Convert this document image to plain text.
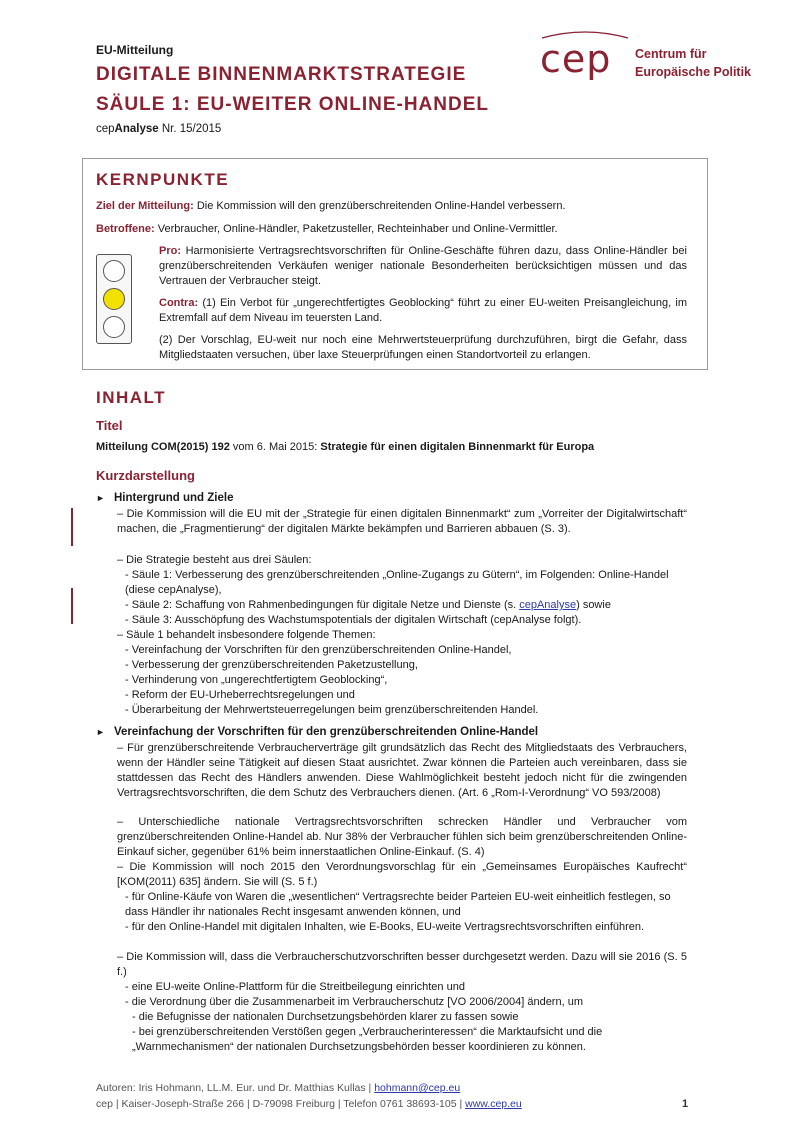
EU-Mitteilung
DIGITALE BINNENMARKTSTRATEGIE
SÄULE 1: EU-WEITER ONLINE-HANDEL
cepAnalyse Nr. 15/2015
cep Centrum für
Europäische Politik
KERNPUNKTE
Ziel der Mitteilung: Die Kommission will den grenzüberschreitenden Online-Handel verbessern.
Betroffene: Verbraucher, Online-Händler, Paketzusteller, Rechteinhaber und Online-Vermittler.
Pro: Harmonisierte Vertragsrechtsvorschriften für Online-Geschäfte führen dazu, dass Online-Händler bei grenzüberschreitenden Verkäufen weniger nationale Besonderheiten berücksichtigen müssen und das Vertrauen der Verbraucher steigt.
Contra: (1) Ein Verbot für „ungerechtfertigtes Geoblocking“ führt zu einer EU-weiten Preisangleichung, im Extremfall auf dem Niveau im teuersten Land.
(2) Der Vorschlag, EU-weit nur noch eine Mehrwertsteuerprüfung durchzuführen, birgt die Gefahr, dass Mitgliedstaaten versuchen, über laxe Steuerprüfungen einen Standortvorteil zu erlangen.
INHALT
Titel
Mitteilung COM(2015) 192 vom 6. Mai 2015: Strategie für einen digitalen Binnenmarkt für Europa
Kurzdarstellung
► Hintergrund und Ziele
– Die Kommission will die EU mit der „Strategie für einen digitalen Binnenmarkt“ zum „Vorreiter der Digitalwirtschaft“ machen, die „Fragmentierung“ der digitalen Märkte bekämpfen und Barrieren abbauen (S. 3).
– Die Strategie besteht aus drei Säulen:
- Säule 1: Verbesserung des grenzüberschreitenden „Online-Zugangs zu Gütern“, im Folgenden: Online-Handel (diese cepAnalyse),
- Säule 2: Schaffung von Rahmenbedingungen für digitale Netze und Dienste (s. cepAnalyse) sowie
- Säule 3: Ausschöpfung des Wachstumspotentials der digitalen Wirtschaft (cepAnalyse folgt).
– Säule 1 behandelt insbesondere folgende Themen:
- Vereinfachung der Vorschriften für den grenzüberschreitenden Online-Handel,
- Verbesserung der grenzüberschreitenden Paketzustellung,
- Verhinderung von „ungerechtfertigtem Geoblocking“,
- Reform der EU-Urheberrechtsregelungen und
- Überarbeitung der Mehrwertsteuerregelungen beim grenzüberschreitenden Handel.
► Vereinfachung der Vorschriften für den grenzüberschreitenden Online-Handel
– Für grenzüberschreitende Verbraucherverträge gilt grundsätzlich das Recht des Mitgliedstaats des Verbrauchers, wenn der Händler seine Tätigkeit auf diesen Staat ausrichtet. Zwar können die Parteien auch vereinbaren, dass sie stattdessen das Recht des Händlers anwenden. Diese Wahlmöglichkeit besteht jedoch nicht für die zwingenden Vertragsrechtsvorschriften, die dem Schutz des Verbrauchers dienen. (Art. 6 „Rom-I-Verordnung“ VO 593/2008)
– Unterschiedliche nationale Vertragsrechtsvorschriften schrecken Händler und Verbraucher vom grenzüberschreitenden Online-Handel ab. Nur 38% der Verbraucher fühlen sich beim grenzüberschreitenden Online-Einkauf sicher, gegenüber 61% beim innerstaatlichen Online-Einkauf. (S. 4)
– Die Kommission will noch 2015 den Verordnungsvorschlag für ein „Gemeinsames Europäisches Kaufrecht“ [KOM(2011) 635] ändern. Sie will (S. 5 f.)
- für Online-Käufe von Waren die „wesentlichen“ Vertragsrechte beider Parteien EU-weit einheitlich festlegen, so dass Händler ihr nationales Recht insgesamt anwenden können, und
- für den Online-Handel mit digitalen Inhalten, wie E-Books, EU-weite Vertragsrechtsvorschriften einführen.
– Die Kommission will, dass die Verbraucherschutzvorschriften besser durchgesetzt werden. Dazu will sie 2016 (S. 5 f.)
- eine EU-weite Online-Plattform für die Streitbeilegung einrichten und
- die Verordnung über die Zusammenarbeit im Verbraucherschutz [VO 2006/2004] ändern, um
- die Befugnisse der nationalen Durchsetzungsbehörden klarer zu fassen sowie
- bei grenzüberschreitenden Verstößen gegen „Verbraucherinteressen“ die Marktaufsicht und die „Warnmechanismen“ der nationalen Durchsetzungsbehörden besser koordinieren zu können.
Autoren: Iris Hohmann, LL.M. Eur. und Dr. Matthias Kullas | hohmann@cep.eu
cep | Kaiser-Joseph-Straße 266 | D-79098 Freiburg | Telefon 0761 38693-105 | www.cep.eu	1
